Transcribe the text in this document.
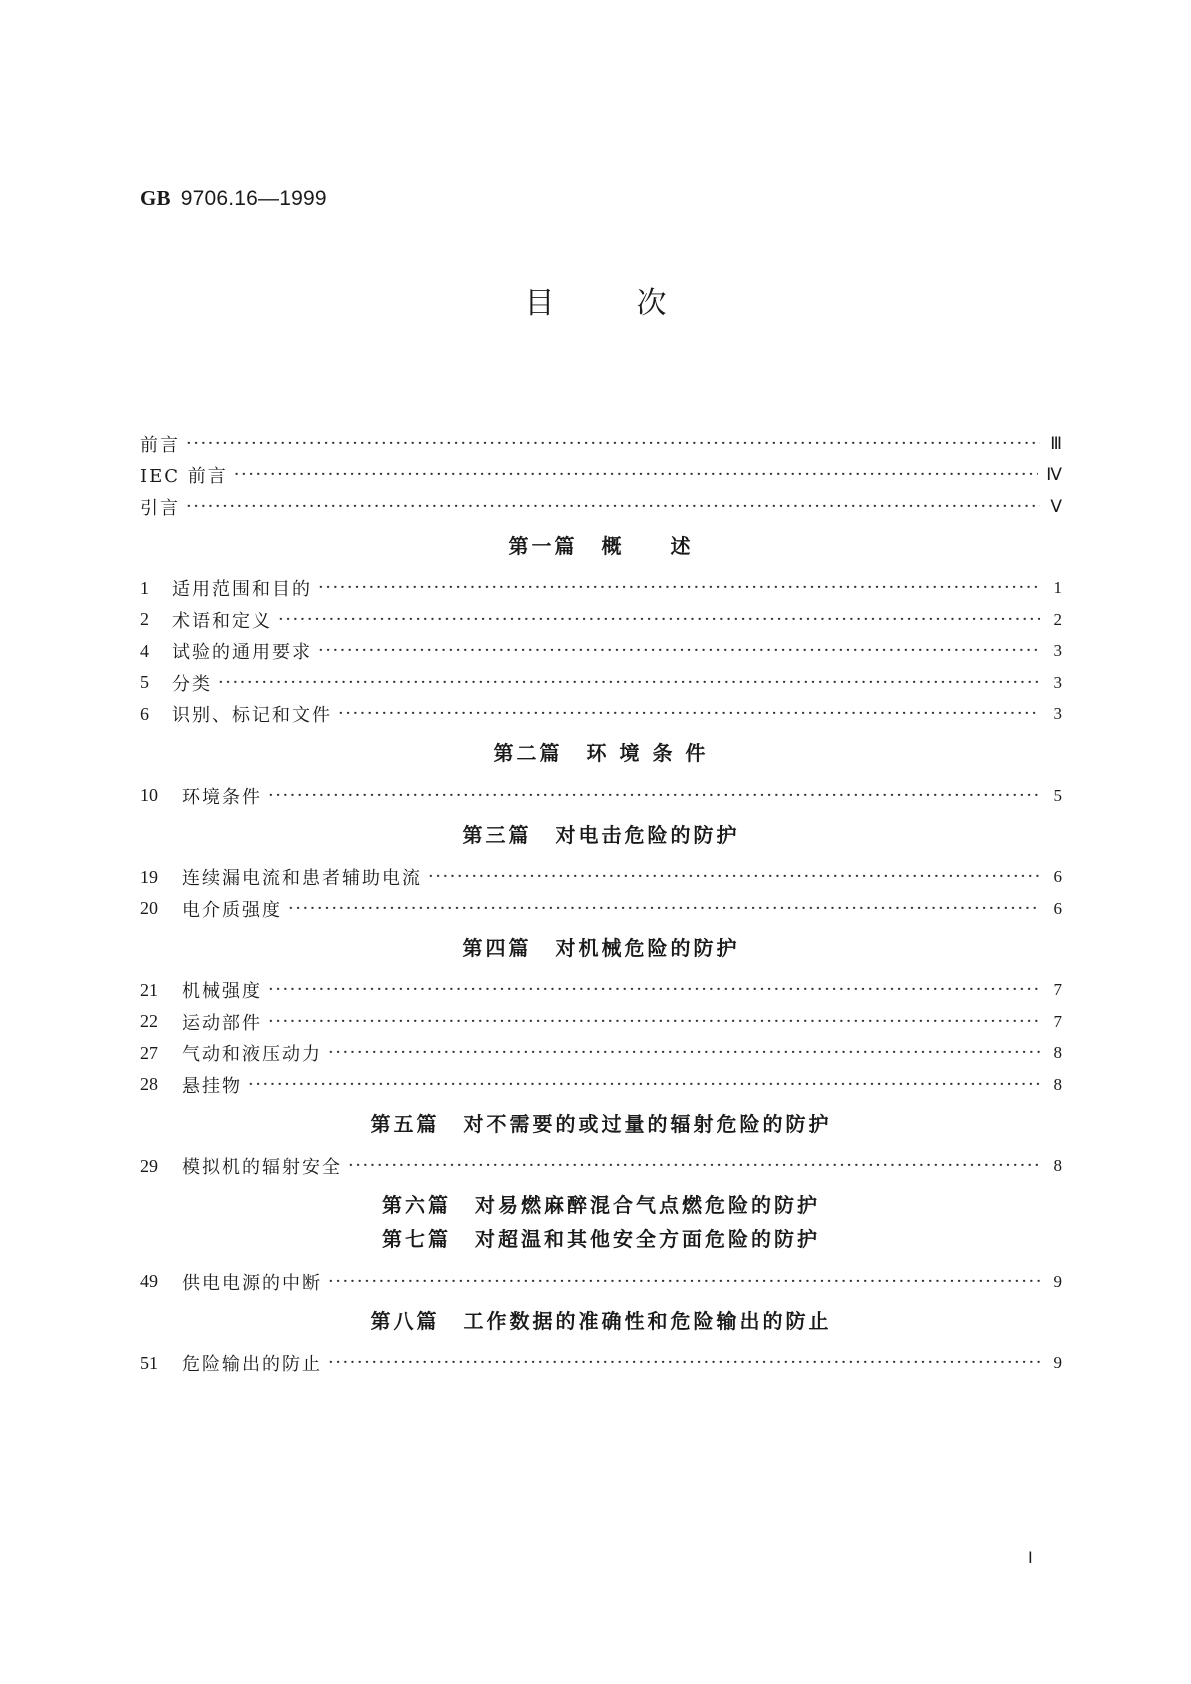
GB 9706.16—1999
目次
前言 ·····	Ⅲ
IEC 前言 ·····	Ⅳ
引言 ·····	Ⅴ
第一篇 概　　述
1	适用范围和目的 ·····	1
2	术语和定义 ·····	2
4	试验的通用要求 ·····	3
5	分类 ·····	3
6	识别、标记和文件 ·····	3
第二篇 环 境 条 件
10	环境条件 ·····	5
第三篇 对电击危险的防护
19	连续漏电流和患者辅助电流 ·····	6
20	电介质强度 ·····	6
第四篇 对机械危险的防护
21	机械强度 ·····	7
22	运动部件 ·····	7
27	气动和液压动力 ·····	8
28	悬挂物 ·····	8
第五篇 对不需要的或过量的辐射危险的防护
29	模拟机的辐射安全 ·····	8
第六篇 对易燃麻醉混合气点燃危险的防护
第七篇 对超温和其他安全方面危险的防护
49	供电电源的中断 ·····	9
第八篇 工作数据的准确性和危险输出的防止
51	危险输出的防止 ·····	9
Ⅰ
